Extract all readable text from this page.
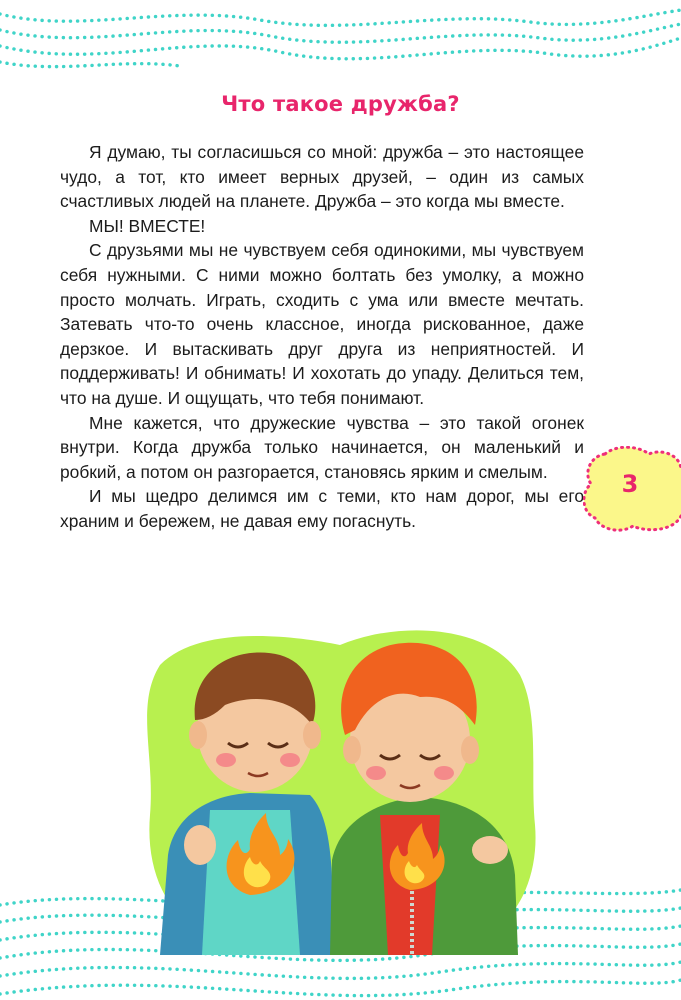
Что такое дружба?

Я думаю, ты согласишься со мной: дружба – это настоящее чудо, а тот, кто имеет верных друзей, – один из самых счастливых людей на планете. Дружба – это когда мы вместе.

МЫ! ВМЕСТЕ!

С друзьями мы не чувствуем себя одинокими, мы чувствуем себя нужными. С ними можно болтать без умолку, а можно просто молчать. Играть, сходить с ума или вместе мечтать. Затевать что-то очень классное, иногда рискованное, даже дерзкое. И вытаскивать друг друга из неприятностей. И поддерживать! И обнимать! И хохотать до упаду. Делиться тем, что на душе. И ощущать, что тебя понимают.

Мне кажется, что дружеские чувства – это такой огонек внутри. Когда дружба только начинается, он маленький и робкий, а потом он разгорается, становясь ярким и смелым.

И мы щедро делимся им с теми, кто нам дорог, мы его храним и бережем, не давая ему погаснуть.

3
